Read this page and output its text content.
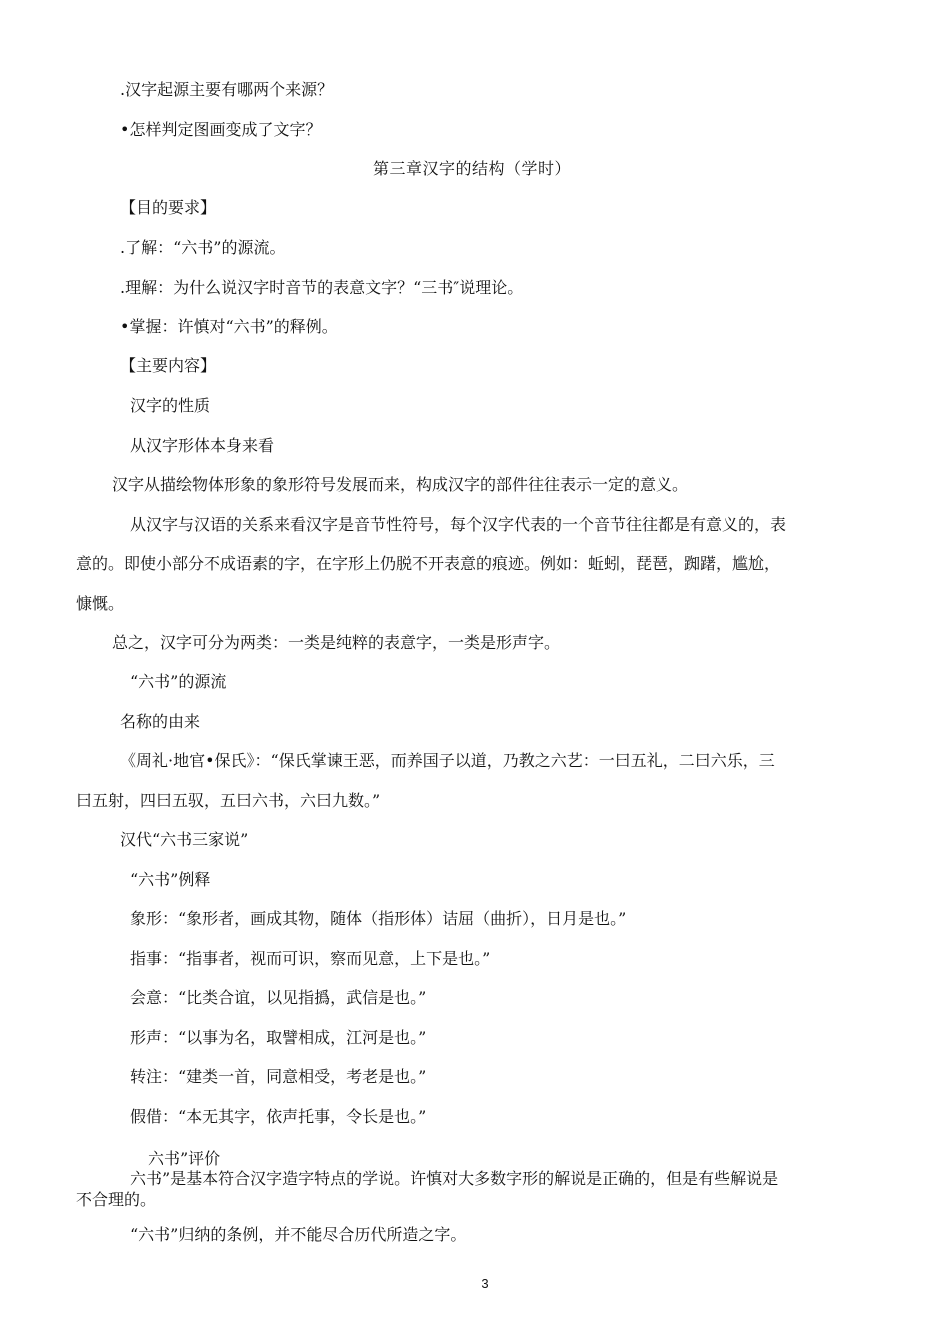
.汉字起源主要有哪两个来源？

•怎样判定图画变成了文字？

第三章汉字的结构（学时）

【目的要求】

.了解：“六书”的源流。

.理解：为什么说汉字时音节的表意文字？“三书″说理论。

•掌握：许慎对“六书”的释例。

【主要内容】

汉字的性质

从汉字形体本身来看

汉字从描绘物体形象的象形符号发展而来，构成汉字的部件往往表示一定的意义。

从汉字与汉语的关系来看汉字是音节性符号，每个汉字代表的一个音节往往都是有意义的，表

意的。即使小部分不成语素的字，在字形上仍脱不开表意的痕迹。例如：蚯蚓，琵琶，踟躇，尴尬，

慷慨。

总之，汉字可分为两类：一类是纯粹的表意字，一类是形声字。

“六书”的源流

名称的由来

《周礼·地官•保氏》：“保氏掌谏王恶，而养国子以道，乃教之六艺：一曰五礼，二曰六乐，三

曰五射，四曰五驭，五曰六书，六曰九数。”

汉代“六书三家说”

“六书”例释

象形：“象形者，画成其物，随体（指形体）诘屈（曲折），日月是也。”

指事：“指事者，视而可识，察而见意，上下是也。”

会意：“比类合谊，以见指撝，武信是也。”

形声：“以事为名，取譬相成，江河是也。”

转注：“建类一首，同意相受，考老是也。”

假借：“本无其字，依声托事，令长是也。”

六书”评价

六书”是基本符合汉字造字特点的学说。许慎对大多数字形的解说是正确的，但是有些解说是

不合理的。

“六书”归纳的条例，并不能尽合历代所造之字。

3
